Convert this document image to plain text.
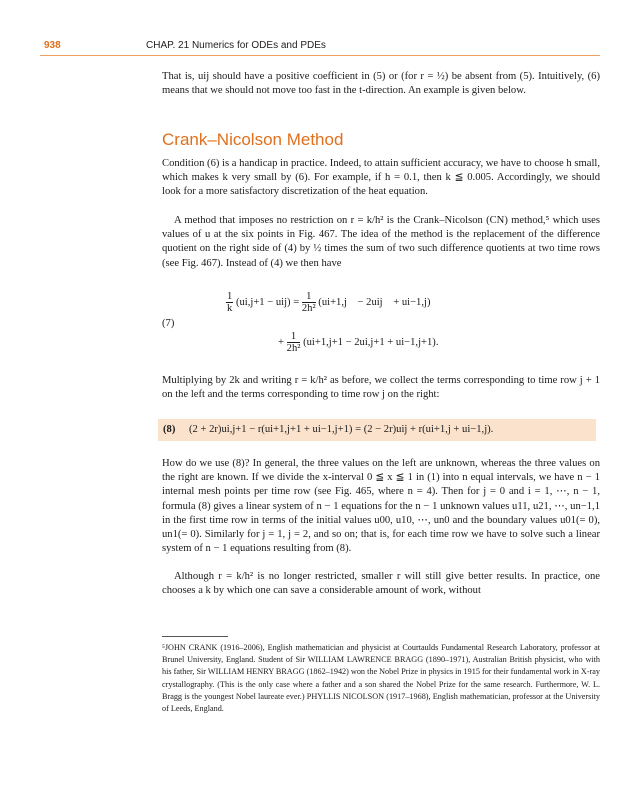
938	CHAP. 21 Numerics for ODEs and PDEs
That is, uij should have a positive coefficient in (5) or (for r = ½) be absent from (5). Intuitively, (6) means that we should not move too fast in the t-direction. An example is given below.
Crank–Nicolson Method
Condition (6) is a handicap in practice. Indeed, to attain sufficient accuracy, we have to choose h small, which makes k very small by (6). For example, if h = 0.1, then k ≦ 0.005. Accordingly, we should look for a more satisfactory discretization of the heat equation.
A method that imposes no restriction on r = k/h² is the Crank–Nicolson (CN) method,⁵ which uses values of u at the six points in Fig. 467. The idea of the method is the replacement of the difference quotient on the right side of (4) by ½ times the sum of two such difference quotients at two time rows (see Fig. 467). Instead of (4) we then have
(7)
$\frac{1}{k} (ui,j+1 - uij) = \frac{1}{\text{2h²}} (ui+1,j$    − 2uij    + ui−1,j)
+ $\frac{1}{\text{2h²}} (ui+1,j+1 - 2ui,j+1 + ui-1,j+1)$.
Multiplying by 2k and writing r = k/h² as before, we collect the terms corresponding to time row j + 1 on the left and the terms corresponding to time row j on the right:
(8) (2 + 2r)ui,j+1 − r(ui+1,j+1 + ui−1,j+1) = (2 − 2r)uij + r(ui+1,j + ui−1,j).
How do we use (8)? In general, the three values on the left are unknown, whereas the three values on the right are known. If we divide the x-interval 0 ≦ x ≦ 1 in (1) into n equal intervals, we have n − 1 internal mesh points per time row (see Fig. 465, where n = 4). Then for j = 0 and i = 1, ⋯, n − 1, formula (8) gives a linear system of n − 1 equations for the n − 1 unknown values u11, u21, ⋯, un−1,1 in the first time row in terms of the initial values u00, u10, ⋯, un0 and the boundary values u01(= 0), un1(= 0). Similarly for j = 1, j = 2, and so on; that is, for each time row we have to solve such a linear system of n − 1 equations resulting from (8).
Although r = k/h² is no longer restricted, smaller r will still give better results. In practice, one chooses a k by which one can save a considerable amount of work, without
⁵JOHN CRANK (1916–2006), English mathematician and physicist at Courtaulds Fundamental Research Laboratory, professor at Brunel University, England. Student of Sir WILLIAM LAWRENCE BRAGG (1890–1971), Australian British physicist, who with his father, Sir WILLIAM HENRY BRAGG (1862–1942) won the Nobel Prize in physics in 1915 for their fundamental work in X-ray crystallography. (This is the only case where a father and a son shared the Nobel Prize for the same research. Furthermore, W. L. Bragg is the youngest Nobel laureate ever.) PHYLLIS NICOLSON (1917–1968), English mathematician, professor at the University of Leeds, England.
